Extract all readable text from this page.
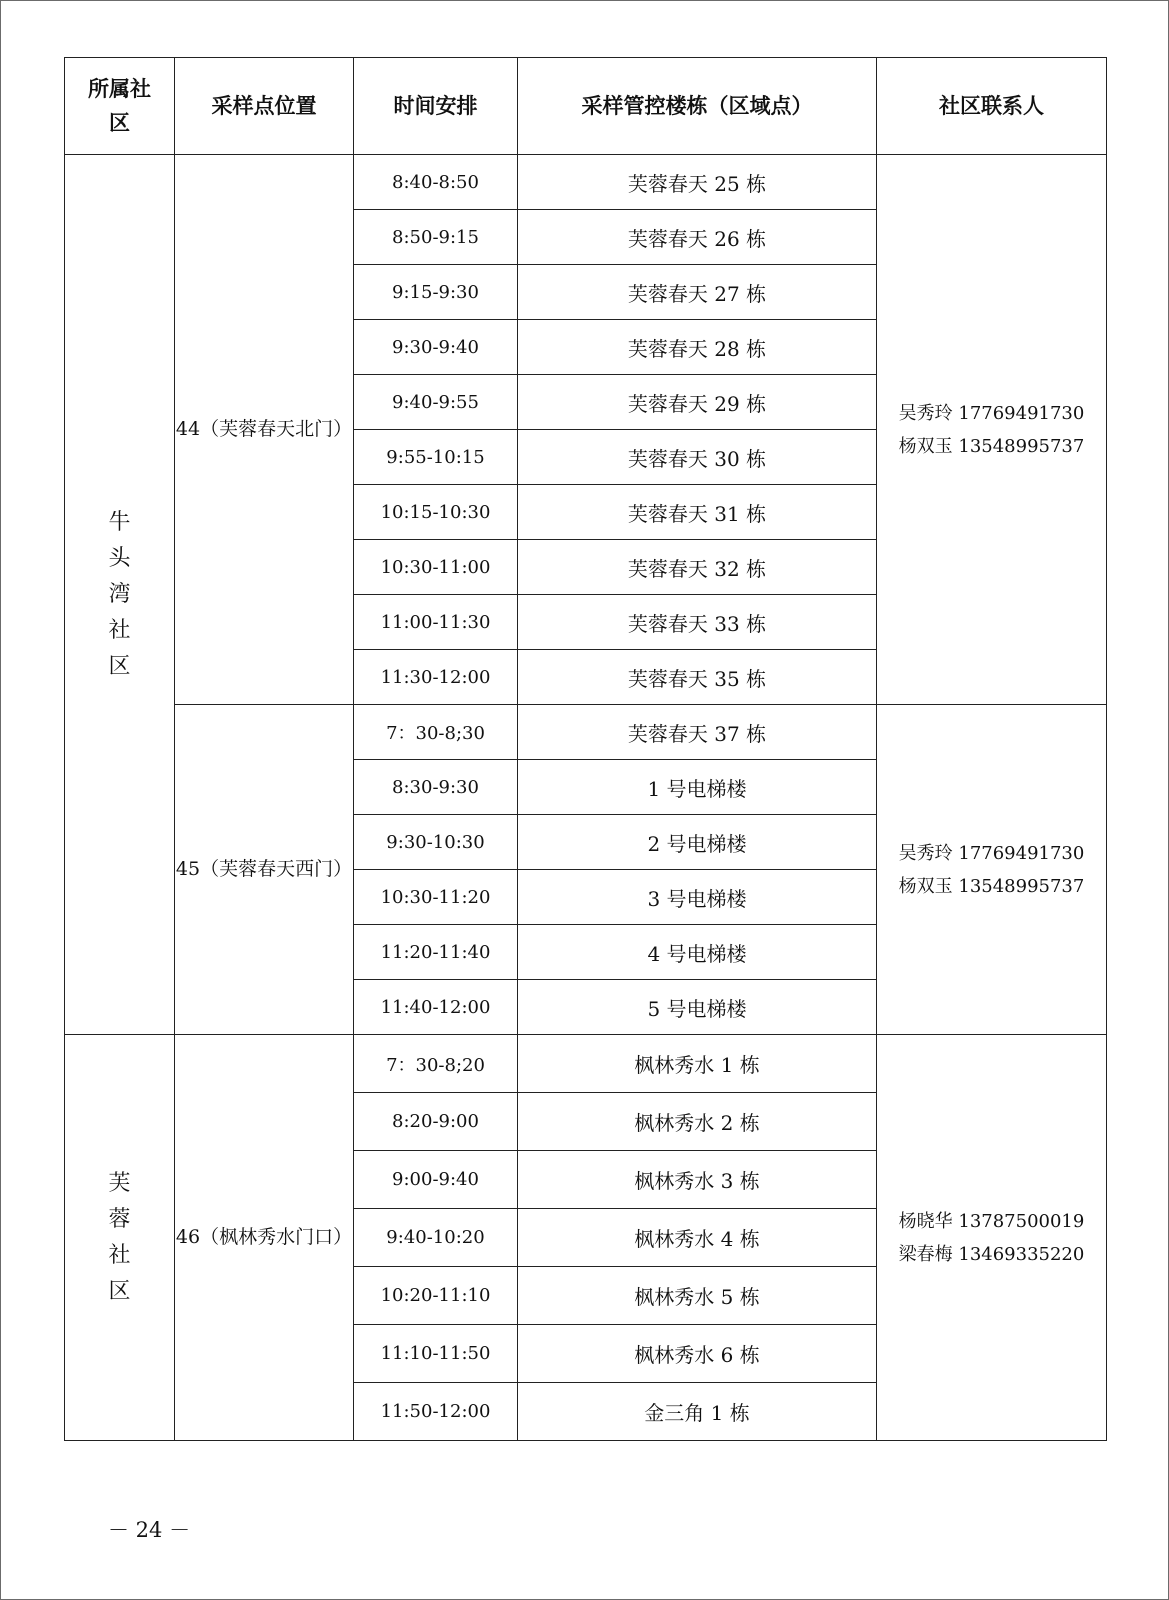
所属社区	采样点位置	时间安排	采样管控楼栋（区域点）	社区联系人

牛
头
湾
社
区	44（芙蓉春天北门）	8:40-8:50	芙蓉春天 25 栋	吴秀玲 17769491730
杨双玉 13548995737

		8:50-9:15	芙蓉春天 26 栋	
		9:15-9:30	芙蓉春天 27 栋	
		9:30-9:40	芙蓉春天 28 栋	
		9:40-9:55	芙蓉春天 29 栋	
		9:55-10:15	芙蓉春天 30 栋	
		10:15-10:30	芙蓉春天 31 栋	
		10:30-11:00	芙蓉春天 32 栋	
		11:00-11:30	芙蓉春天 33 栋	
		11:30-12:00	芙蓉春天 35 栋	
	45（芙蓉春天西门）	7：30-8;30	芙蓉春天 37 栋	吴秀玲 17769491730
杨双玉 13548995737

		8:30-9:30	1 号电梯楼	
		9:30-10:30	2 号电梯楼	
		10:30-11:20	3 号电梯楼	
		11:20-11:40	4 号电梯楼	
		11:40-12:00	5 号电梯楼	

芙
蓉
社
区	46（枫林秀水门口）	7：30-8;20	枫林秀水 1 栋	杨晓华 13787500019
梁春梅 13469335220

		8:20-9:00	枫林秀水 2 栋	
		9:00-9:40	枫林秀水 3 栋	
		9:40-10:20	枫林秀水 4 栋	
		10:20-11:10	枫林秀水 5 栋	
		11:10-11:50	枫林秀水 6 栋	
		11:50-12:00	金三角 1 栋	
－ 24 －
